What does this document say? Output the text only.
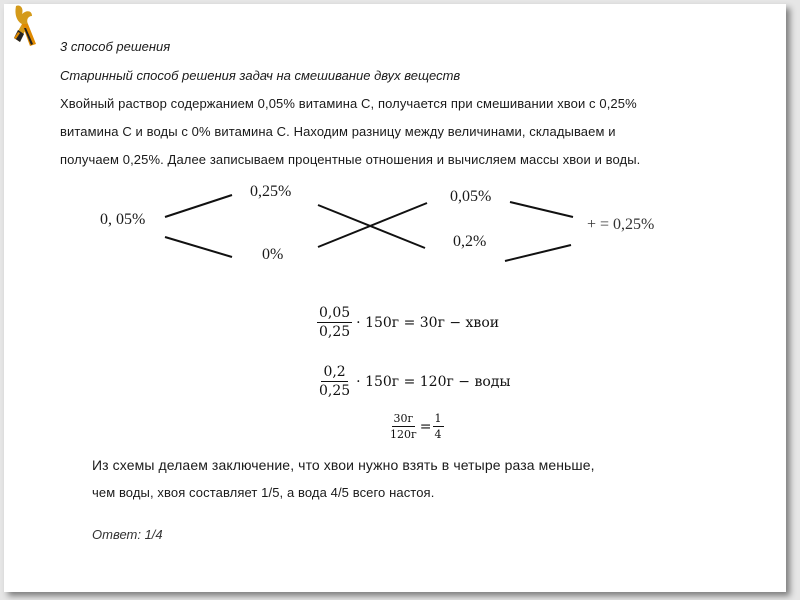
3 способ решения
Старинный способ решения задач на смешивание двух веществ
Хвойный раствор содержанием 0,05% витамина С, получается при смешивании хвои с 0,25%
витамина С и воды с 0% витамина С. Находим разницу между величинами, складываем и
получаем 0,25%. Далее записываем процентные отношения и вычисляем массы хвои и воды.
0, 05%
0,25%
0%
0,05%
0,2%
+ = 0,25%
$\frac{0,05}{0,25} \cdot 150г = 30г$ − хвои
$\frac{0,2}{0,25} \cdot 150г = 120г$ − воды
$\frac{30г}{120г} = \frac{1}{4}$
Из схемы делаем заключение, что хвои нужно взять в четыре раза меньше,
чем воды, хвоя составляет 1/5, а вода 4/5 всего настоя.
Ответ: 1/4
